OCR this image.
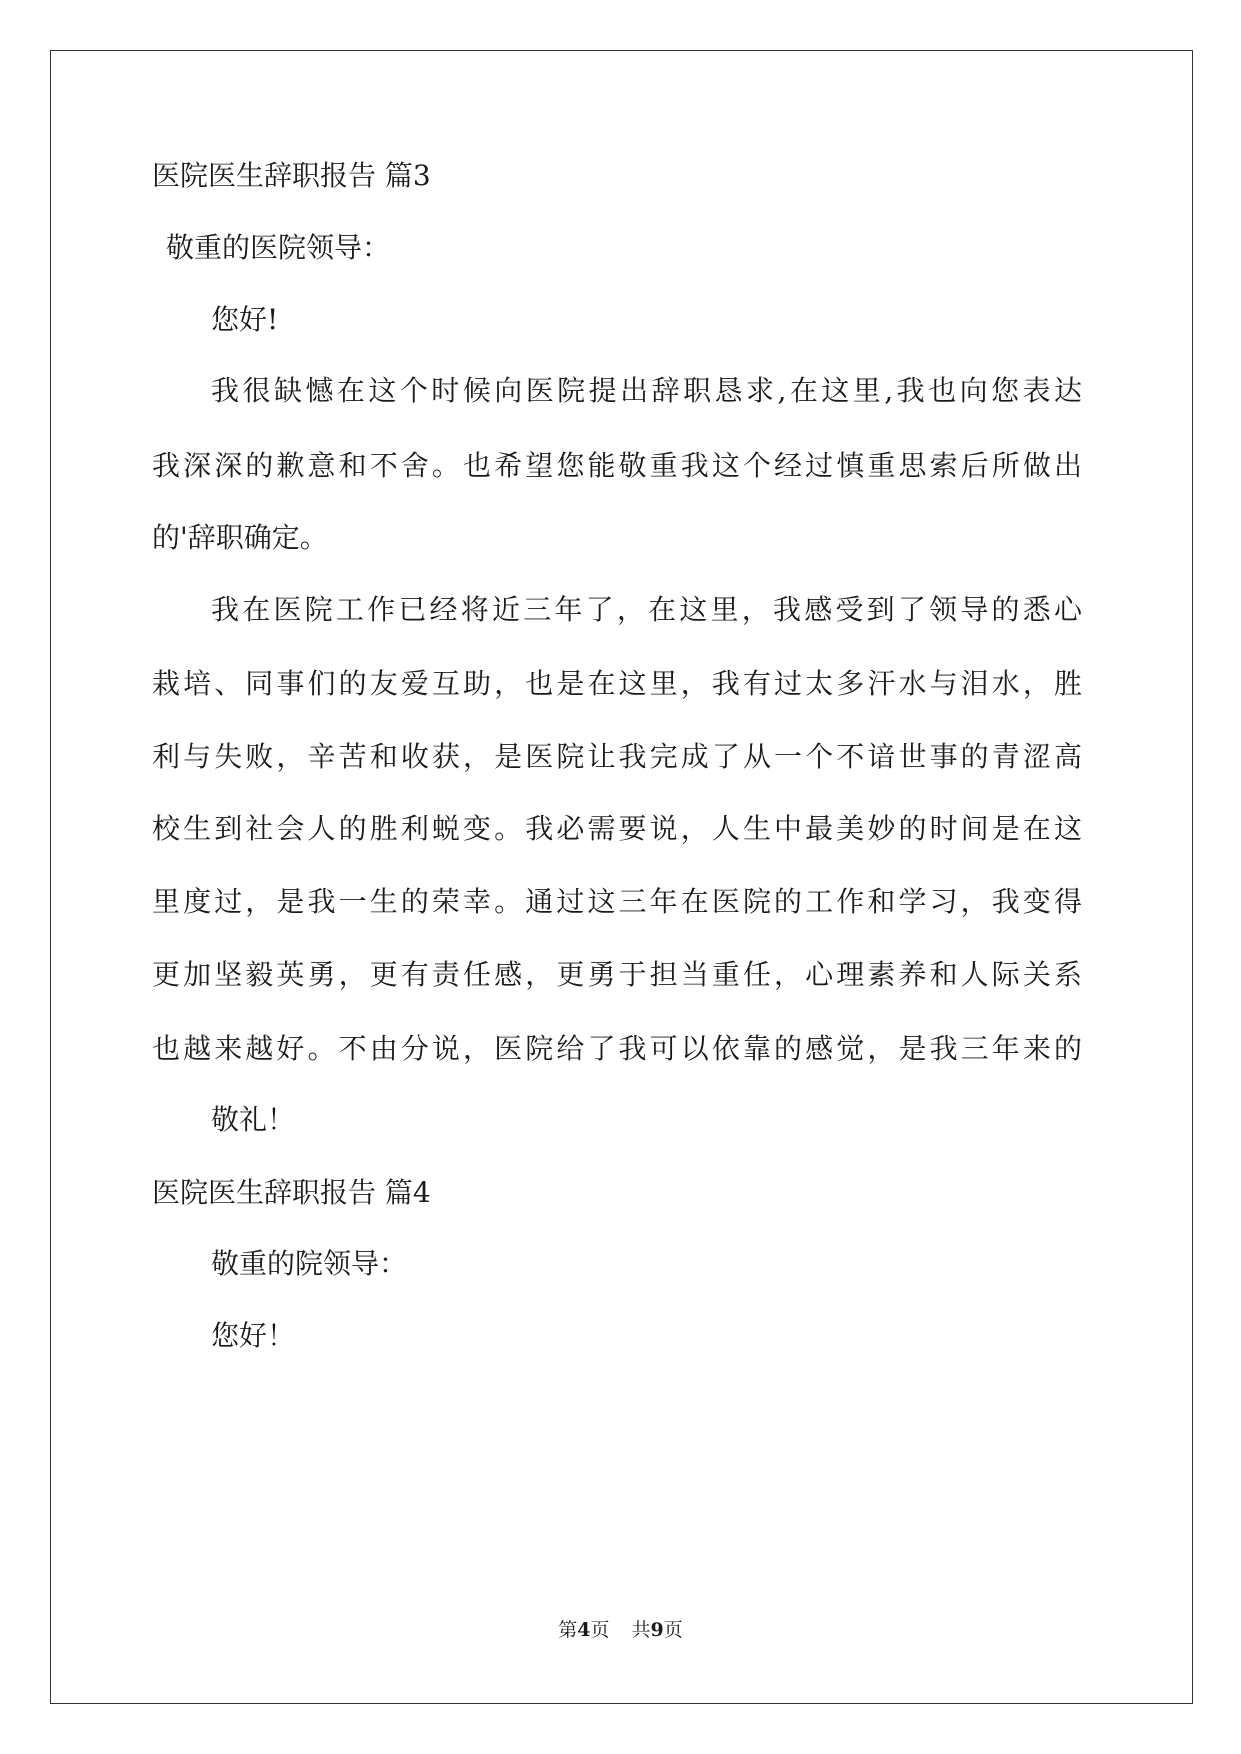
医院医生辞职报告 篇3

敬重的医院领导：

您好!

我很缺憾在这个时候向医院提出辞职恳求,在这里,我也向您表达

我深深的歉意和不舍。也希望您能敬重我这个经过慎重思索后所做出

的'辞职确定。

我在医院工作已经将近三年了，在这里，我感受到了领导的悉心

栽培、同事们的友爱互助，也是在这里，我有过太多汗水与泪水，胜

利与失败，辛苦和收获，是医院让我完成了从一个不谙世事的青涩高

校生到社会人的胜利蜕变。我必需要说，人生中最美妙的时间是在这

里度过，是我一生的荣幸。通过这三年在医院的工作和学习，我变得

更加坚毅英勇，更有责任感，更勇于担当重任，心理素养和人际关系

也越来越好。不由分说，医院给了我可以依靠的感觉，是我三年来的

敬礼！

医院医生辞职报告 篇4

敬重的院领导：

您好！

第4页 共9页
